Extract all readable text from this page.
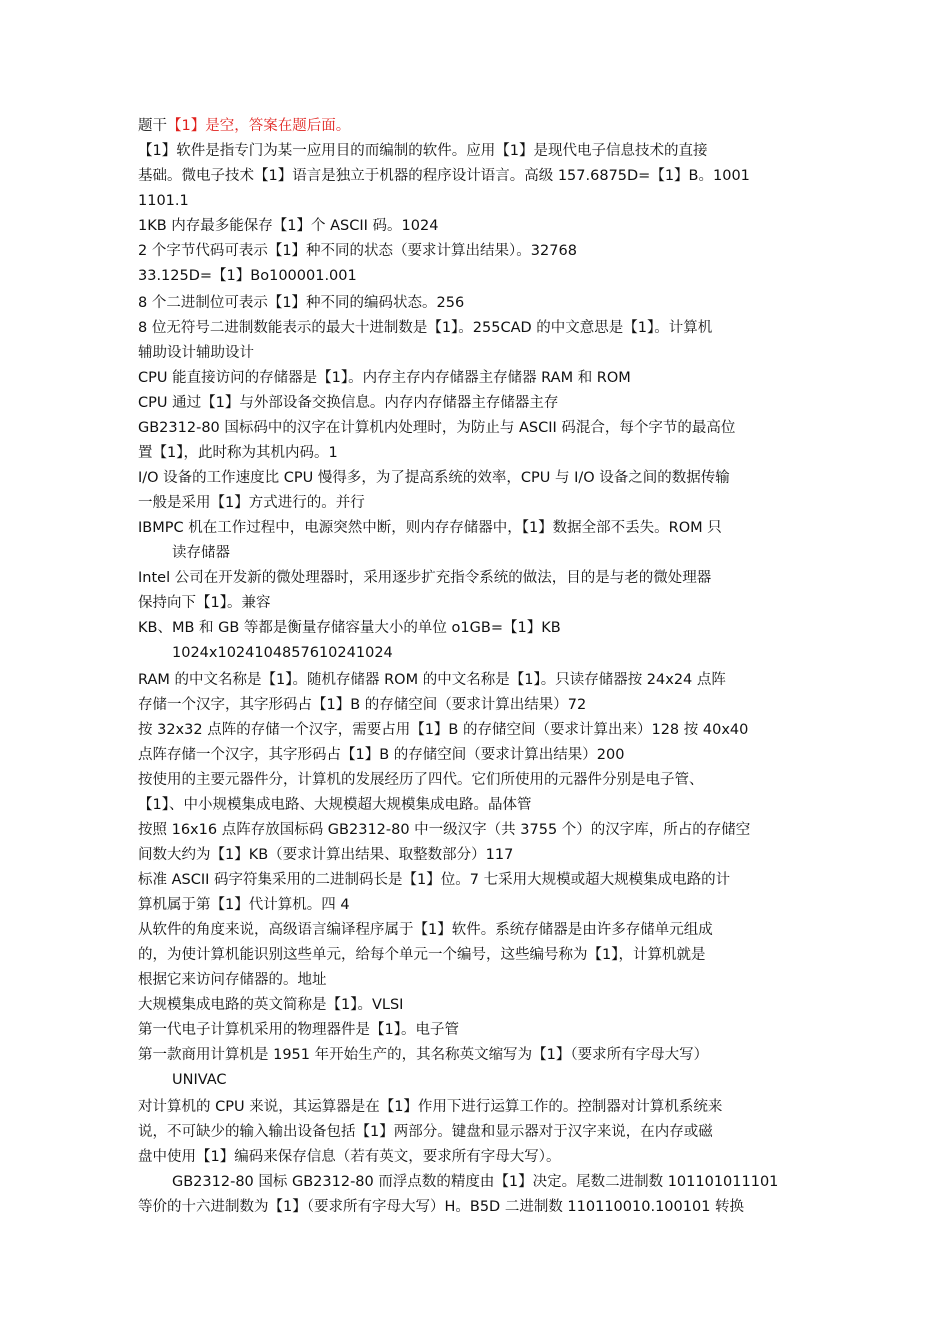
题干【1】是空，答案在题后面。
【1】软件是指专门为某一应用目的而编制的软件。应用【1】是现代电子信息技术的直接
基础。微电子技术【1】语言是独立于机器的程序设计语言。高级 157.6875D=【1】B。1001
1101.1
1KB 内存最多能保存【1】个 ASCII 码。1024
2 个字节代码可表示【1】种不同的状态（要求计算出结果）。32768
33.125D=【1】Bo100001.001
8 个二进制位可表示【1】种不同的编码状态。256
8 位无符号二进制数能表示的最大十进制数是【1】。255CAD 的中文意思是【1】。计算机
辅助设计辅助设计
CPU 能直接访问的存储器是【1】。内存主存内存储器主存储器 RAM 和 ROM
CPU 通过【1】与外部设备交换信息。内存内存储器主存储器主存
GB2312-80 国标码中的汉字在计算机内处理时，为防止与 ASCII 码混合，每个字节的最高位
置【1】，此时称为其机内码。1
I/O 设备的工作速度比 CPU 慢得多，为了提高系统的效率，CPU 与 I/O 设备之间的数据传输
一般是采用【1】方式进行的。并行
IBMPC 机在工作过程中，电源突然中断，则内存存储器中，【1】数据全部不丢失。ROM 只
读存储器
Intel 公司在开发新的微处理器时，采用逐步扩充指令系统的做法，目的是与老的微处理器
保持向下【1】。兼容
KB、MB 和 GB 等都是衡量存储容量大小的单位 o1GB=【1】KB
1024x1024104857610241024
RAM 的中文名称是【1】。随机存储器 ROM 的中文名称是【1】。只读存储器按 24x24 点阵
存储一个汉字，其字形码占【1】B 的存储空间（要求计算出结果）72
按 32x32 点阵的存储一个汉字，需要占用【1】B 的存储空间（要求计算出来）128 按 40x40
点阵存储一个汉字，其字形码占【1】B 的存储空间（要求计算出结果）200
按使用的主要元器件分，计算机的发展经历了四代。它们所使用的元器件分别是电子管、
【1】、中小规模集成电路、大规模超大规模集成电路。晶体管
按照 16x16 点阵存放国标码 GB2312-80 中一级汉字（共 3755 个）的汉字库，所占的存储空
间数大约为【1】KB（要求计算出结果、取整数部分）117
标准 ASCII 码字符集采用的二进制码长是【1】位。7 七采用大规模或超大规模集成电路的计
算机属于第【1】代计算机。四 4
从软件的角度来说，高级语言编译程序属于【1】软件。系统存储器是由许多存储单元组成
的，为使计算机能识别这些单元，给每个单元一个编号，这些编号称为【1】，计算机就是
根据它来访问存储器的。地址
大规模集成电路的英文简称是【1】。VLSI
第一代电子计算机采用的物理器件是【1】。电子管
第一款商用计算机是 1951 年开始生产的，其名称英文缩写为【1】（要求所有字母大写）
UNIVAC
对计算机的 CPU 来说，其运算器是在【1】作用下进行运算工作的。控制器对计算机系统来
说，不可缺少的输入输出设备包括【1】两部分。键盘和显示器对于汉字来说，在内存或磁
盘中使用【1】编码来保存信息（若有英文，要求所有字母大写）。
GB2312-80 国标 GB2312-80 而浮点数的精度由【1】决定。尾数二进制数 101101011101
等价的十六进制数为【1】（要求所有字母大写）H。B5D 二进制数 110110010.100101 转换
